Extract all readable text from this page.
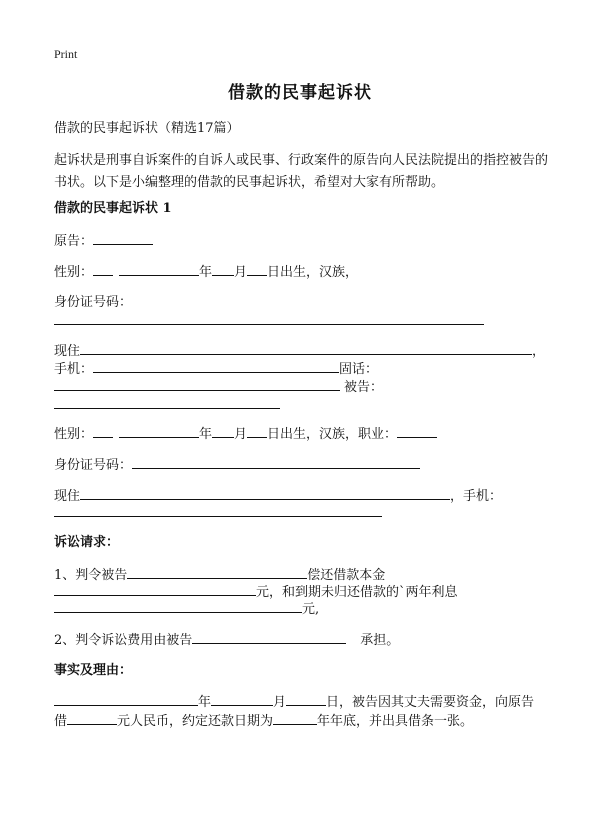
Print
借款的民事起诉状
借款的民事起诉状（精选17篇）
起诉状是刑事自诉案件的自诉人或民事、行政案件的原告向人民法院提出的指控被告的书状。以下是小编整理的借款的民事起诉状，希望对大家有所帮助。
借款的民事起诉状 1
原告：
性别：	年 月 日出生，汉族，
身份证号码：
现住	，
手机：	固话：
被告：
性别：	年 月 日出生，汉族，职业：
身份证号码：
现住	，手机：
诉讼请求：
1、判令被告	偿还借款本金
元，和到期未归还借款的`两年利息
元,
2、判令诉讼费用由被告	承担。
事实及理由：
年	月	日，被告因其丈夫需要资金，向原告
借	元人民币，约定还款日期为	年年底，并出具借条一张。
